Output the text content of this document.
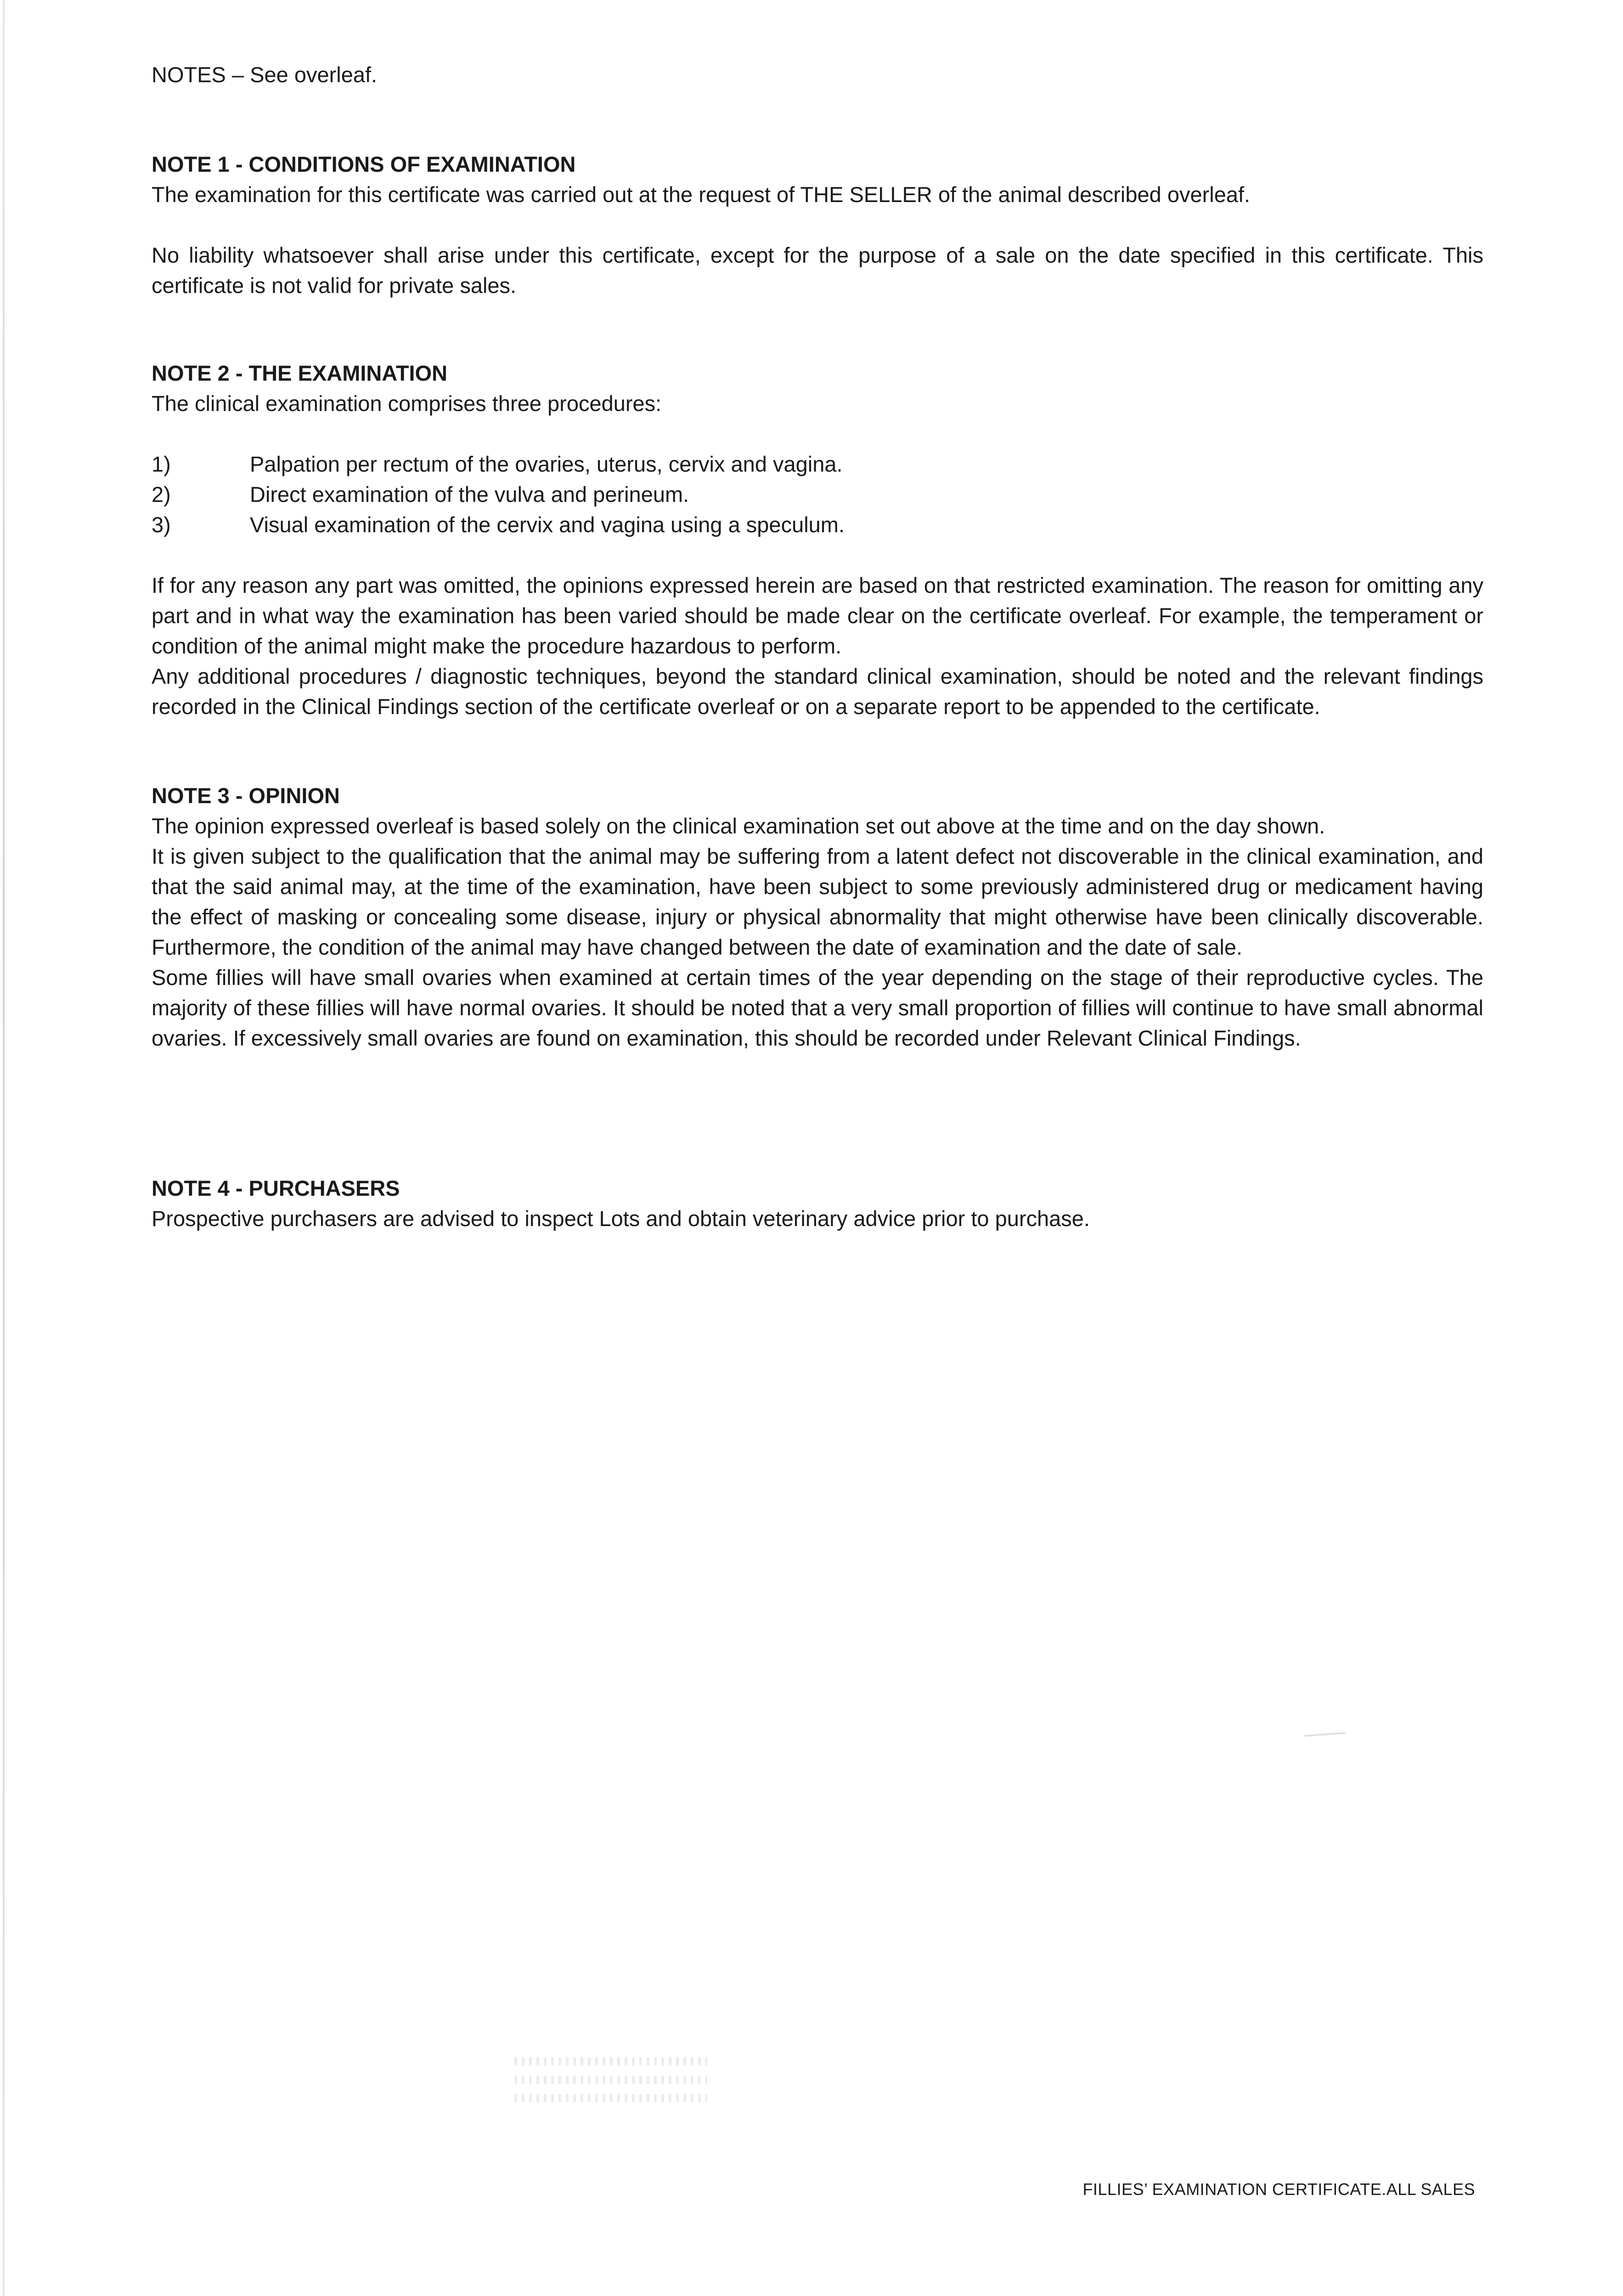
NOTES – See overleaf.

NOTE 1 - CONDITIONS OF EXAMINATION

The examination for this certificate was carried out at the request of THE SELLER of the animal described overleaf.

No liability whatsoever shall arise under this certificate, except for the purpose of a sale on the date specified in this certificate. This certificate is not valid for private sales.

NOTE 2 - THE EXAMINATION

The clinical examination comprises three procedures:

1)	Palpation per rectum of the ovaries, uterus, cervix and vagina.
2)	Direct examination of the vulva and perineum.
3)	Visual examination of the cervix and vagina using a speculum.

If for any reason any part was omitted, the opinions expressed herein are based on that restricted examination. The reason for omitting any part and in what way the examination has been varied should be made clear on the certificate overleaf. For example, the temperament or condition of the animal might make the procedure hazardous to perform.

Any additional procedures / diagnostic techniques, beyond the standard clinical examination, should be noted and the relevant findings recorded in the Clinical Findings section of the certificate overleaf or on a separate report to be appended to the certificate.

NOTE 3 - OPINION

The opinion expressed overleaf is based solely on the clinical examination set out above at the time and on the day shown.

It is given subject to the qualification that the animal may be suffering from a latent defect not discoverable in the clinical examination, and that the said animal may, at the time of the examination, have been subject to some previously administered drug or medicament having the effect of masking or concealing some disease, injury or physical abnormality that might otherwise have been clinically discoverable. Furthermore, the condition of the animal may have changed between the date of examination and the date of sale.

Some fillies will have small ovaries when examined at certain times of the year depending on the stage of their reproductive cycles. The majority of these fillies will have normal ovaries. It should be noted that a very small proportion of fillies will continue to have small abnormal ovaries. If excessively small ovaries are found on examination, this should be recorded under Relevant Clinical Findings.

NOTE 4 - PURCHASERS

Prospective purchasers are advised to inspect Lots and obtain veterinary advice prior to purchase.

FILLIES’ EXAMINATION CERTIFICATE.ALL SALES
